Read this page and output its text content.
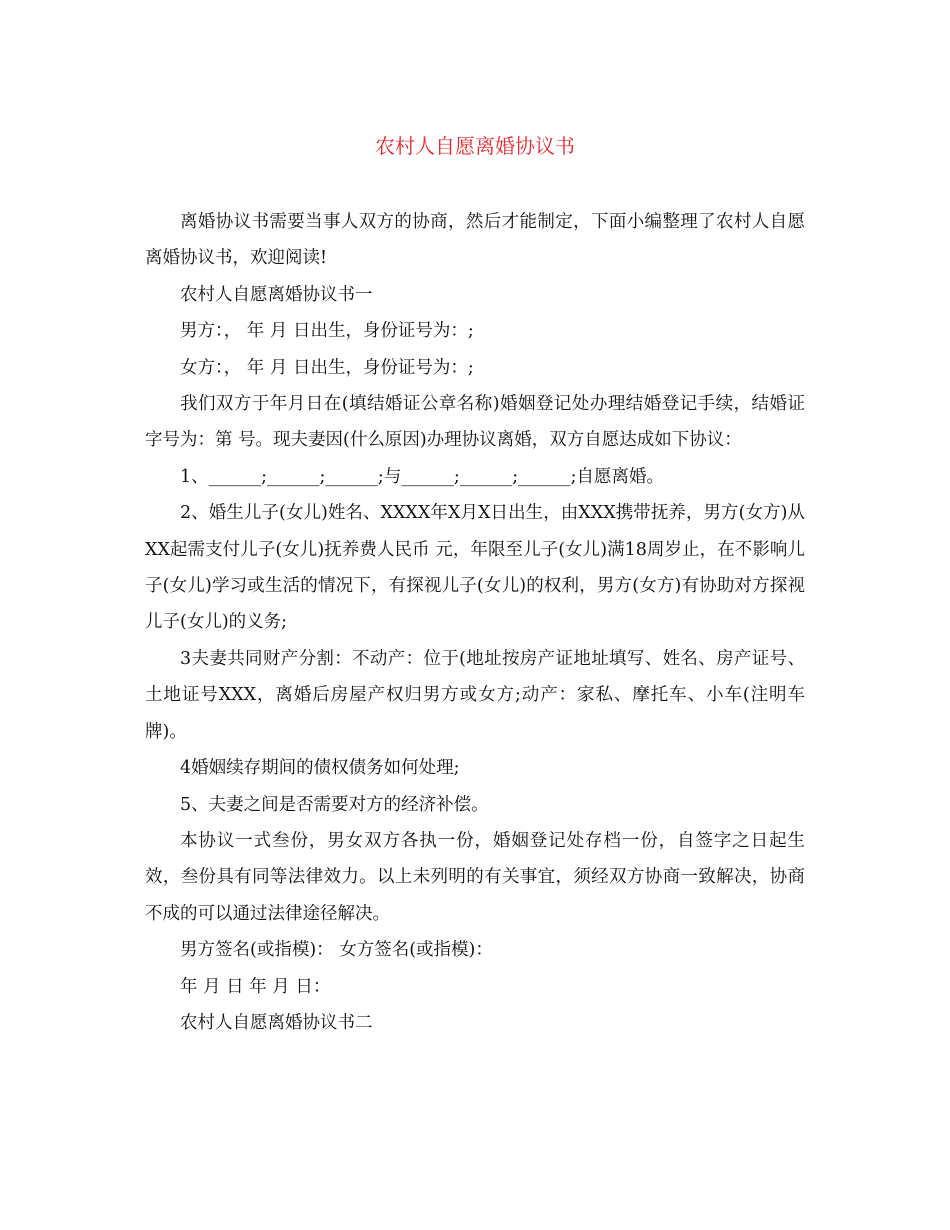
农村人自愿离婚协议书

离婚协议书需要当事人双方的协商，然后才能制定，下面小编整理了农村人自愿离婚协议书，欢迎阅读!

农村人自愿离婚协议书一

男方：， 年 月 日出生，身份证号为：;

女方：， 年 月 日出生，身份证号为：;

我们双方于年月日在(填结婚证公章名称)婚姻登记处办理结婚登记手续，结婚证字号为：第 号。现夫妻因(什么原因)办理协议离婚，双方自愿达成如下协议：

1、______;______;______;与______;______;______;自愿离婚。

2、婚生儿子(女儿)姓名、XXXX年X月X日出生，由XXX携带抚养，男方(女方)从XX起需支付儿子(女儿)抚养费人民币 元，年限至儿子(女儿)满18周岁止，在不影响儿子(女儿)学习或生活的情况下，有探视儿子(女儿)的权利，男方(女方)有协助对方探视儿子(女儿)的义务;

3夫妻共同财产分割：不动产：位于(地址按房产证地址填写、姓名、房产证号、土地证号XXX，离婚后房屋产权归男方或女方;动产：家私、摩托车、小车(注明车牌)。

4婚姻续存期间的债权债务如何处理;

5、夫妻之间是否需要对方的经济补偿。

本协议一式叁份，男女双方各执一份，婚姻登记处存档一份，自签字之日起生效，叁份具有同等法律效力。以上未列明的有关事宜，须经双方协商一致解决，协商不成的可以通过法律途径解决。

男方签名(或指模)： 女方签名(或指模)：

年 月 日 年 月 日：

农村人自愿离婚协议书二
